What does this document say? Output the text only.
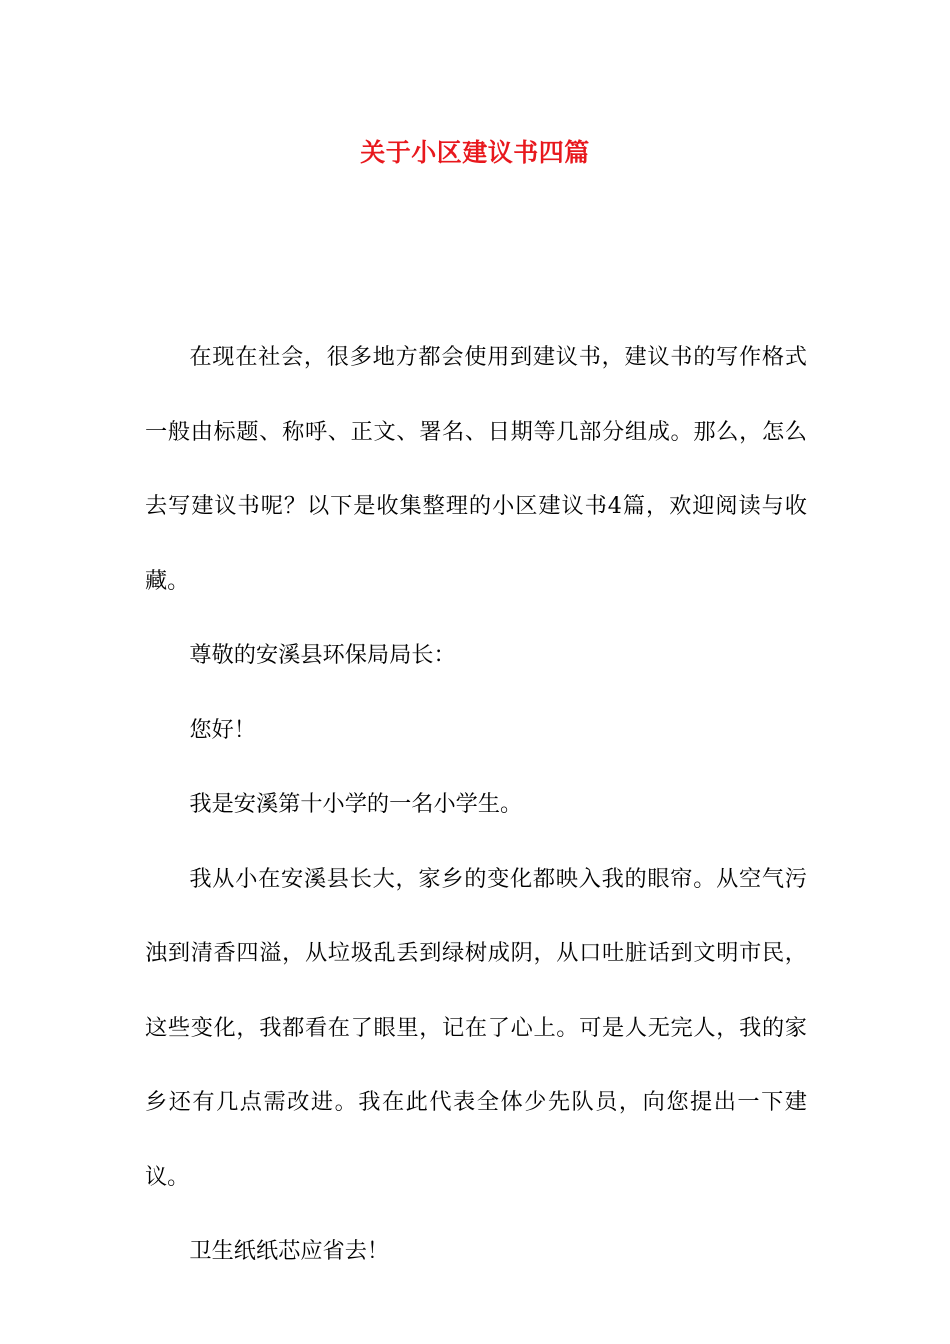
关于小区建议书四篇

在现在社会，很多地方都会使用到建议书，建议书的写作格式一般由标题、称呼、正文、署名、日期等几部分组成。那么，怎么去写建议书呢？以下是收集整理的小区建议书4篇，欢迎阅读与收藏。

尊敬的安溪县环保局局长：

您好！

我是安溪第十小学的一名小学生。

我从小在安溪县长大，家乡的变化都映入我的眼帘。从空气污浊到清香四溢，从垃圾乱丢到绿树成阴，从口吐脏话到文明市民，这些变化，我都看在了眼里，记在了心上。可是人无完人，我的家乡还有几点需改进。我在此代表全体少先队员，向您提出一下建议。

卫生纸纸芯应省去！
